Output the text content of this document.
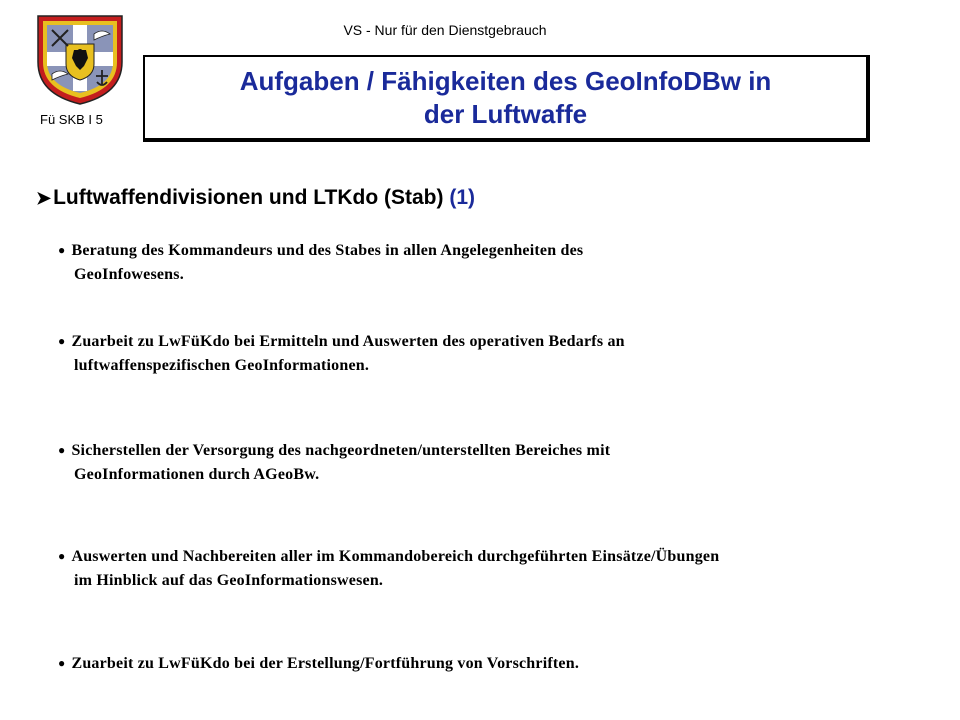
VS - Nur für den Dienstgebrauch
Fü SKB I 5
Aufgaben / Fähigkeiten des GeoInfoDBw in
der Luftwaffe
➤Luftwaffendivisionen und LTKdo (Stab) (1)
● Beratung des Kommandeurs und des Stabes in allen Angelegenheiten des
GeoInfowesens.
● Zuarbeit zu LwFüKdo bei Ermitteln und Auswerten des operativen Bedarfs an
luftwaffenspezifischen GeoInformationen.
● Sicherstellen der Versorgung des nachgeordneten/unterstellten Bereiches mit
GeoInformationen durch AGeoBw.
● Auswerten und Nachbereiten aller im Kommandobereich durchgeführten Einsätze/Übungen
im Hinblick auf das GeoInformationswesen.
● Zuarbeit zu LwFüKdo bei der Erstellung/Fortführung von Vorschriften.
